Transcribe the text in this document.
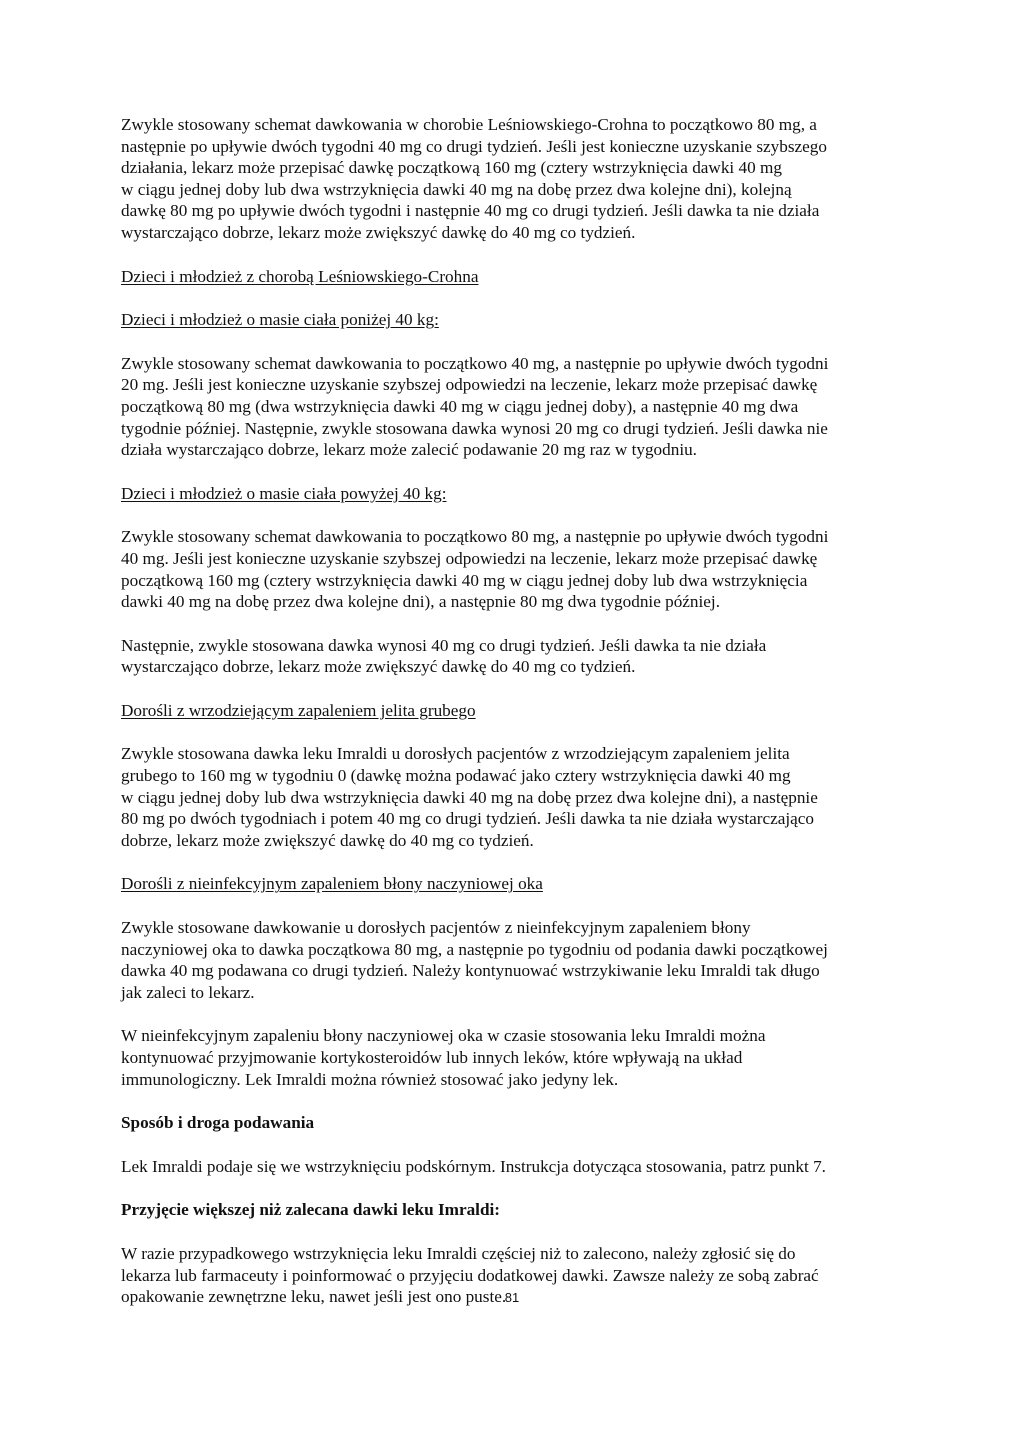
Zwykle stosowany schemat dawkowania w chorobie Leśniowskiego-Crohna to początkowo 80 mg, a
następnie po upływie dwóch tygodni 40 mg co drugi tydzień. Jeśli jest konieczne uzyskanie szybszego
działania, lekarz może przepisać dawkę początkową 160 mg (cztery wstrzyknięcia dawki 40 mg
w ciągu jednej doby lub dwa wstrzyknięcia dawki 40 mg na dobę przez dwa kolejne dni), kolejną
dawkę 80 mg po upływie dwóch tygodni i następnie 40 mg co drugi tydzień. Jeśli dawka ta nie działa
wystarczająco dobrze, lekarz może zwiększyć dawkę do 40 mg co tydzień.
Dzieci i młodzież z chorobą Leśniowskiego-Crohna
Dzieci i młodzież o masie ciała poniżej 40 kg:
Zwykle stosowany schemat dawkowania to początkowo 40 mg, a następnie po upływie dwóch tygodni
20 mg. Jeśli jest konieczne uzyskanie szybszej odpowiedzi na leczenie, lekarz może przepisać dawkę
początkową 80 mg (dwa wstrzyknięcia dawki 40 mg w ciągu jednej doby), a następnie 40 mg dwa
tygodnie później. Następnie, zwykle stosowana dawka wynosi 20 mg co drugi tydzień. Jeśli dawka nie
działa wystarczająco dobrze, lekarz może zalecić podawanie 20 mg raz w tygodniu.
Dzieci i młodzież o masie ciała powyżej 40 kg:
Zwykle stosowany schemat dawkowania to początkowo 80 mg, a następnie po upływie dwóch tygodni
40 mg. Jeśli jest konieczne uzyskanie szybszej odpowiedzi na leczenie, lekarz może przepisać dawkę
początkową 160 mg (cztery wstrzyknięcia dawki 40 mg w ciągu jednej doby lub dwa wstrzyknięcia
dawki 40 mg na dobę przez dwa kolejne dni), a następnie 80 mg dwa tygodnie później.
Następnie, zwykle stosowana dawka wynosi 40 mg co drugi tydzień. Jeśli dawka ta nie działa
wystarczająco dobrze, lekarz może zwiększyć dawkę do 40 mg co tydzień.
Dorośli z wrzodziejącym zapaleniem jelita grubego
Zwykle stosowana dawka leku Imraldi u dorosłych pacjentów z wrzodziejącym zapaleniem jelita
grubego to 160 mg w tygodniu 0 (dawkę można podawać jako cztery wstrzyknięcia dawki 40 mg
w ciągu jednej doby lub dwa wstrzyknięcia dawki 40 mg na dobę przez dwa kolejne dni), a następnie
80 mg po dwóch tygodniach i potem 40 mg co drugi tydzień. Jeśli dawka ta nie działa wystarczająco
dobrze, lekarz może zwiększyć dawkę do 40 mg co tydzień.
Dorośli z nieinfekcyjnym zapaleniem błony naczyniowej oka
Zwykle stosowane dawkowanie u dorosłych pacjentów z nieinfekcyjnym zapaleniem błony
naczyniowej oka to dawka początkowa 80 mg, a następnie po tygodniu od podania dawki początkowej
dawka 40 mg podawana co drugi tydzień. Należy kontynuować wstrzykiwanie leku Imraldi tak długo
jak zaleci to lekarz.
W nieinfekcyjnym zapaleniu błony naczyniowej oka w czasie stosowania leku Imraldi można
kontynuować przyjmowanie kortykosteroidów lub innych leków, które wpływają na układ
immunologiczny. Lek Imraldi można również stosować jako jedyny lek.
Sposób i droga podawania
Lek Imraldi podaje się we wstrzyknięciu podskórnym. Instrukcja dotycząca stosowania, patrz punkt 7.
Przyjęcie większej niż zalecana dawki leku Imraldi:
W razie przypadkowego wstrzyknięcia leku Imraldi częściej niż to zalecono, należy zgłosić się do
lekarza lub farmaceuty i poinformować o przyjęciu dodatkowej dawki. Zawsze należy ze sobą zabrać
opakowanie zewnętrzne leku, nawet jeśli jest ono puste.
81
